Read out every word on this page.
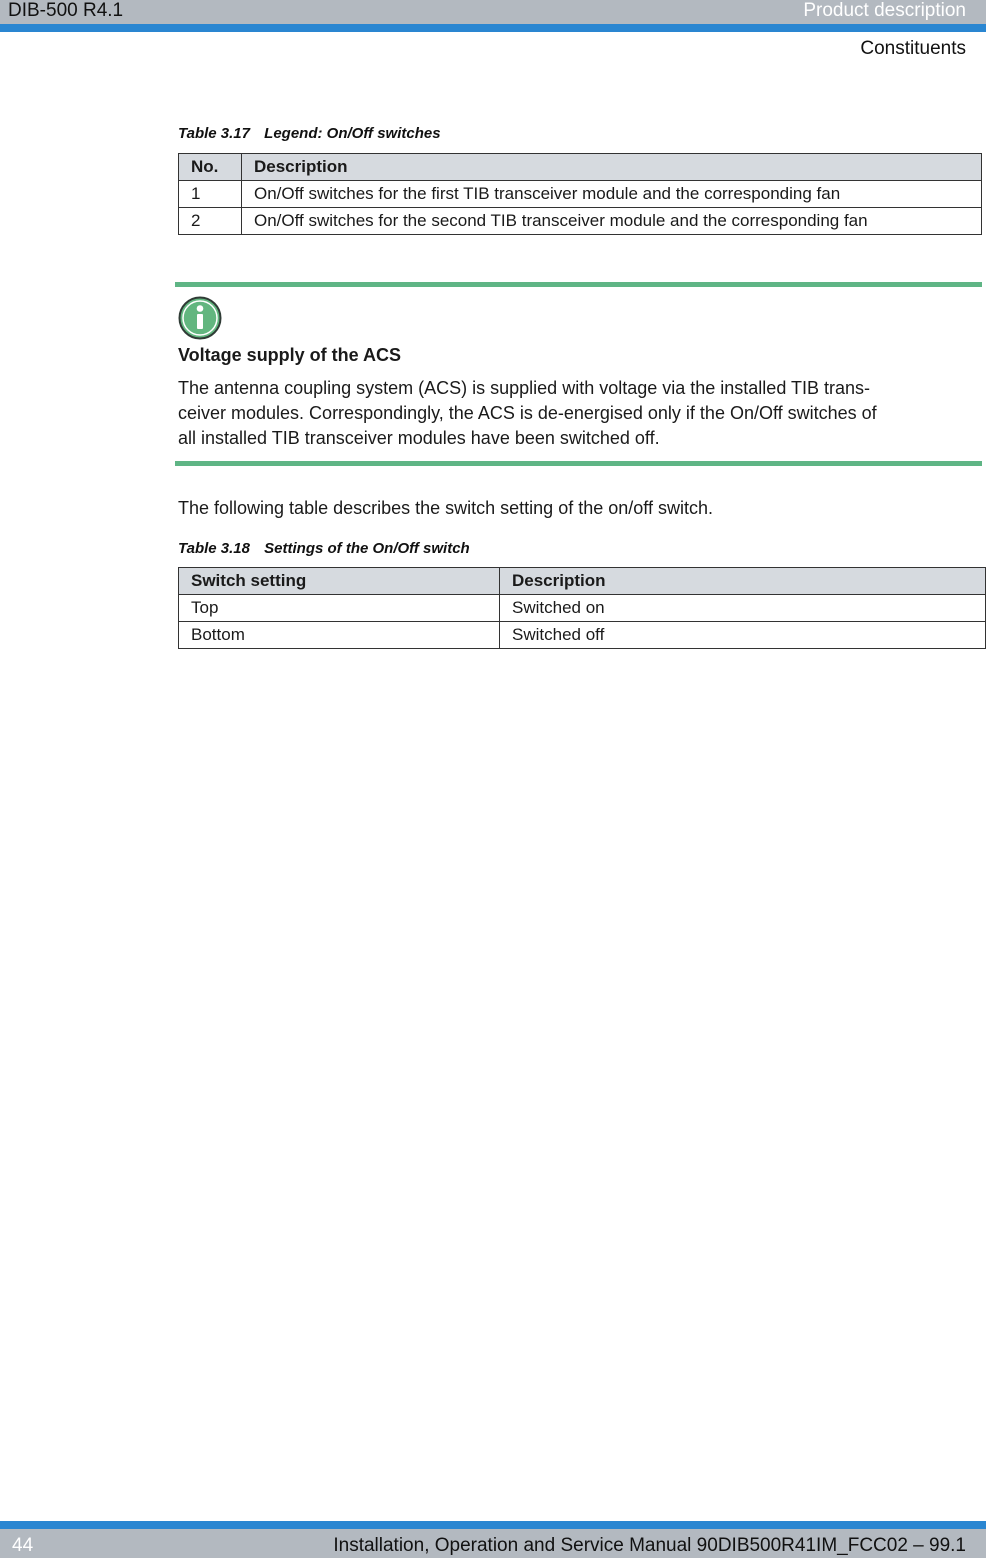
DIB-500 R4.1	Product description
Constituents
Table 3.17 Legend: On/Off switches
No.	Description
1	On/Off switches for the first TIB transceiver module and the corresponding fan
2	On/Off switches for the second TIB transceiver module and the corresponding fan
Voltage supply of the ACS
The antenna coupling system (ACS) is supplied with voltage via the installed TIB trans-
ceiver modules. Correspondingly, the ACS is de-energised only if the On/Off switches of
all installed TIB transceiver modules have been switched off.
The following table describes the switch setting of the on/off switch.
Table 3.18 Settings of the On/Off switch
Switch setting	Description
Top	Switched on
Bottom	Switched off
44	Installation, Operation and Service Manual 90DIB500R41IM_FCC02 – 99.1
